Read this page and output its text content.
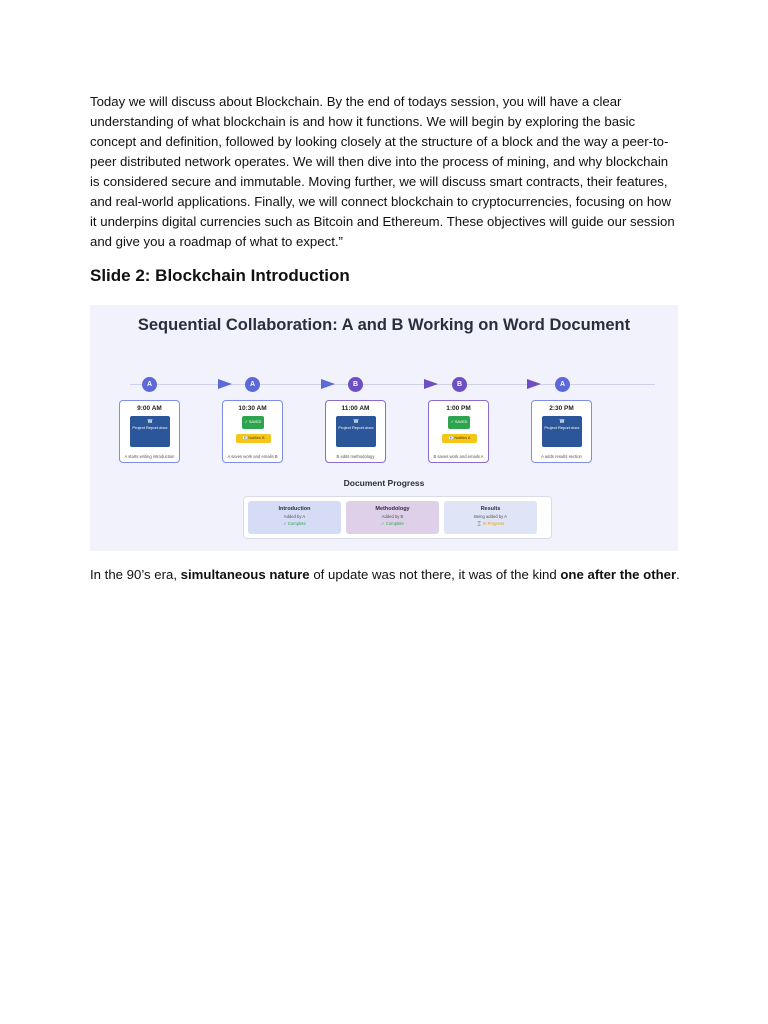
Today we will discuss about Blockchain. By the end of todays session, you will have a clear understanding of what blockchain is and how it functions. We will begin by exploring the basic concept and definition, followed by looking closely at the structure of a block and the way a peer-to-peer distributed network operates. We will then dive into the process of mining, and why blockchain is considered secure and immutable. Moving further, we will discuss smart contracts, their features, and real-world applications. Finally, we will connect blockchain to cryptocurrencies, focusing on how it underpins digital currencies such as Bitcoin and Ethereum. These objectives will guide our session and give you a roadmap of what to expect.”

Slide 2: Blockchain Introduction
Sequential Collaboration: A and B Working on Word Document
A	A	B	B	A
9:00 AM
W
Project Report.docx
A starts writing introduction
10:30 AM
✓ SAVED
📧 Notifies B
A saves work and emails B
11:00 AM
W
Project Report.docx
B edits methodology
1:00 PM
✓ SAVED
📧 Notifies A
B saves work and emails A
2:30 PM
W
Project Report.docx
A adds results section
Document Progress
Introduction
Added by A
✓ Complete
Methodology
Added by B
✓ Complete
Results
Being added by A
⏳ In Progress

In the 90’s era, simultaneous nature of update was not there, it was of the kind one after the other.
